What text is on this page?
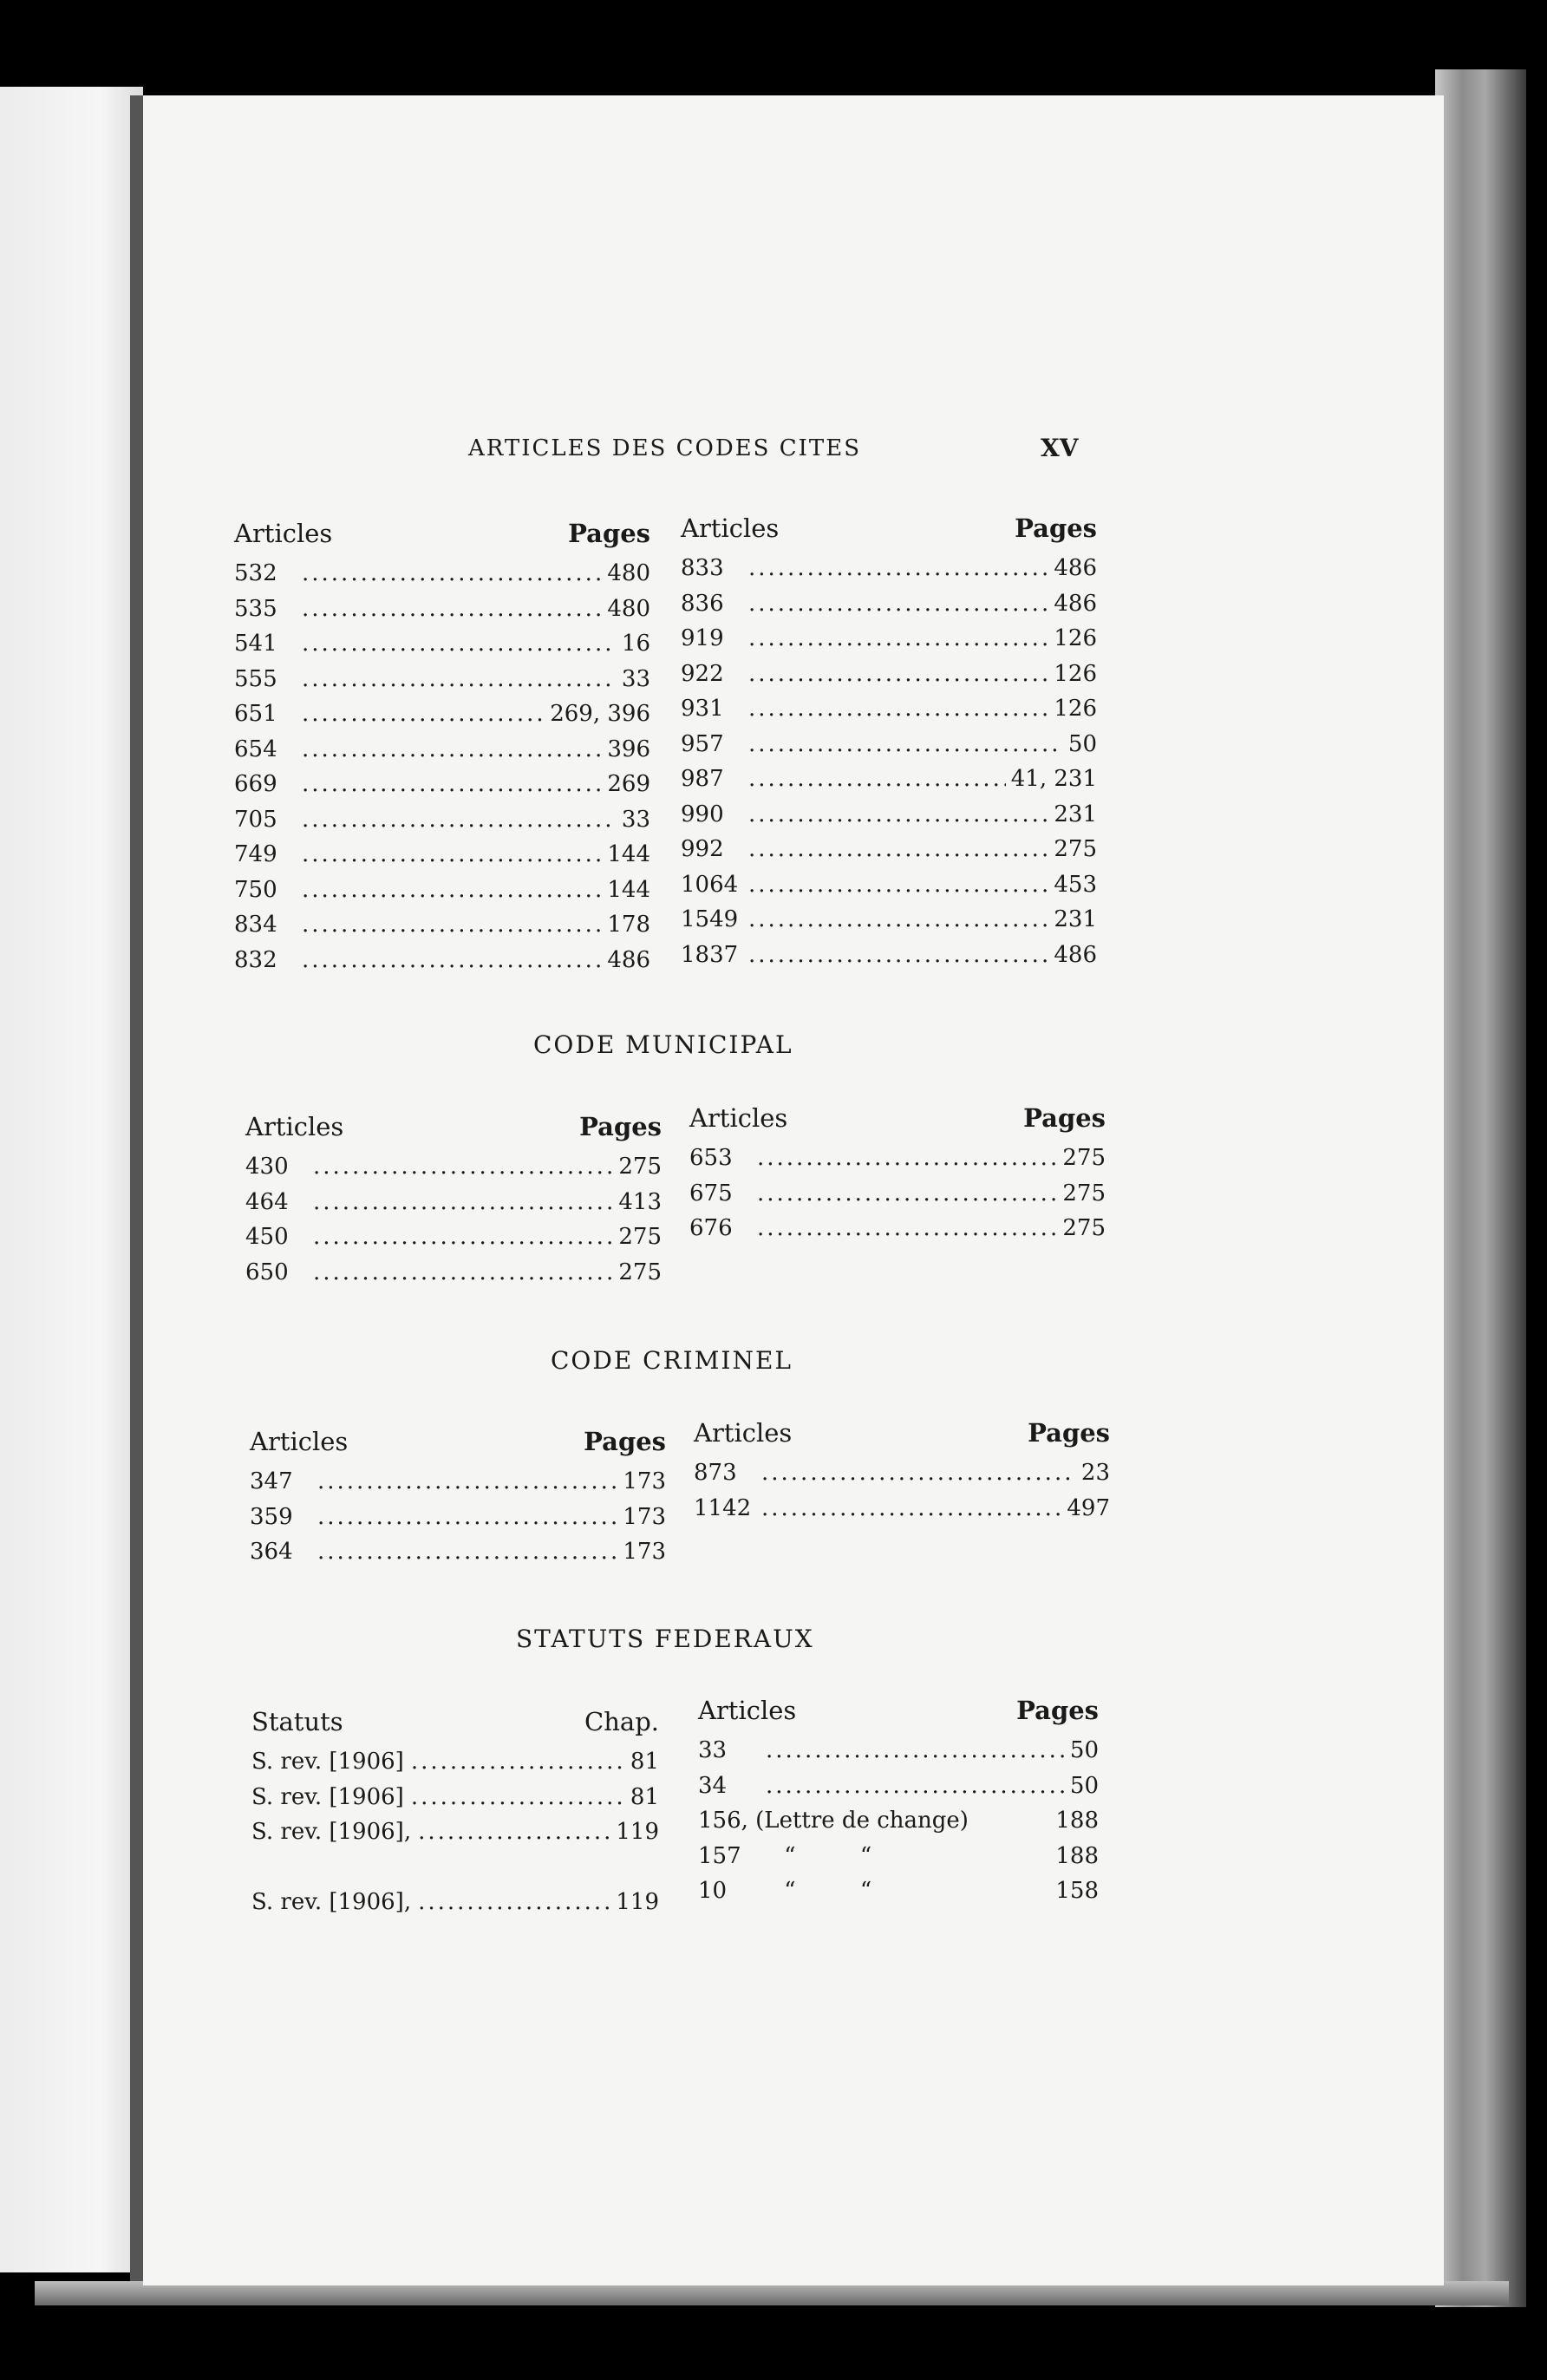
ARTICLES DES CODES CITES	XV
Articles	Pages
532 .....	480
535 .....	480
541 .....	16
555 .....	33
651 .....	269, 396
654 .....	396
669 .....	269
705 .....	33
749 .....	144
750 .....	144
834 .....	178
832 .....	486
Articles	Pages
833 .....	486
836 .....	486
919 .....	126
922 .....	126
931 .....	126
957 .....	50
987 .....	41, 231
990 .....	231
992 .....	275
1064 .....	453
1549 .....	231
1837 .....	486
CODE MUNICIPAL
Articles	Pages
430 .....	275
464 .....	413
450 .....	275
650 .....	275
Articles	Pages
653 .....	275
675 .....	275
676 .....	275
CODE CRIMINEL
Articles	Pages
347 .....	173
359 .....	173
364 .....	173
Articles	Pages
873 .....	23
1142 .....	497
STATUTS FEDERAUX
Statuts	Chap.
S. rev. [1906] .....	81
S. rev. [1906] .....	81
S. rev. [1906], .....	119
S. rev. [1906], .....	119
Articles	Pages
33 .....	50
34 .....	50
156, (Lettre de change)	188
157      “         “	188
10        “         “	158
